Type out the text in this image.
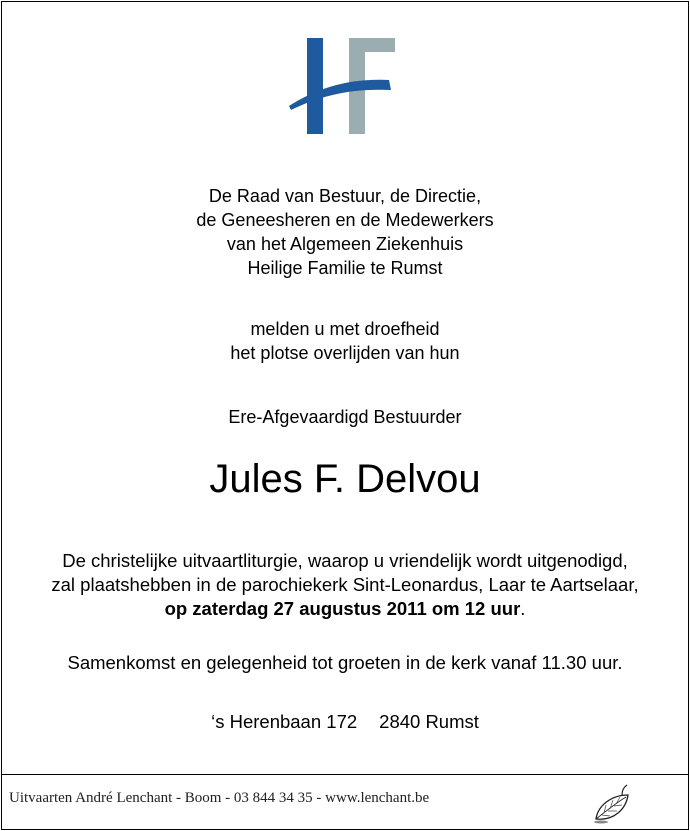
De Raad van Bestuur, de Directie,
de Geneesheren en de Medewerkers
van het Algemeen Ziekenhuis
Heilige Familie te Rumst
melden u met droefheid
het plotse overlijden van hun
Ere-Afgevaardigd Bestuurder
Jules F. Delvou
De christelijke uitvaartliturgie, waarop u vriendelijk wordt uitgenodigd,
zal plaatshebben in de parochiekerk Sint-Leonardus, Laar te Aartselaar,
op zaterdag 27 augustus 2011 om 12 uur.
Samenkomst en gelegenheid tot groeten in de kerk vanaf 11.30 uur.
‘s Herenbaan 172 2840 Rumst
Uitvaarten André Lenchant - Boom - 03 844 34 35 - www.lenchant.be
